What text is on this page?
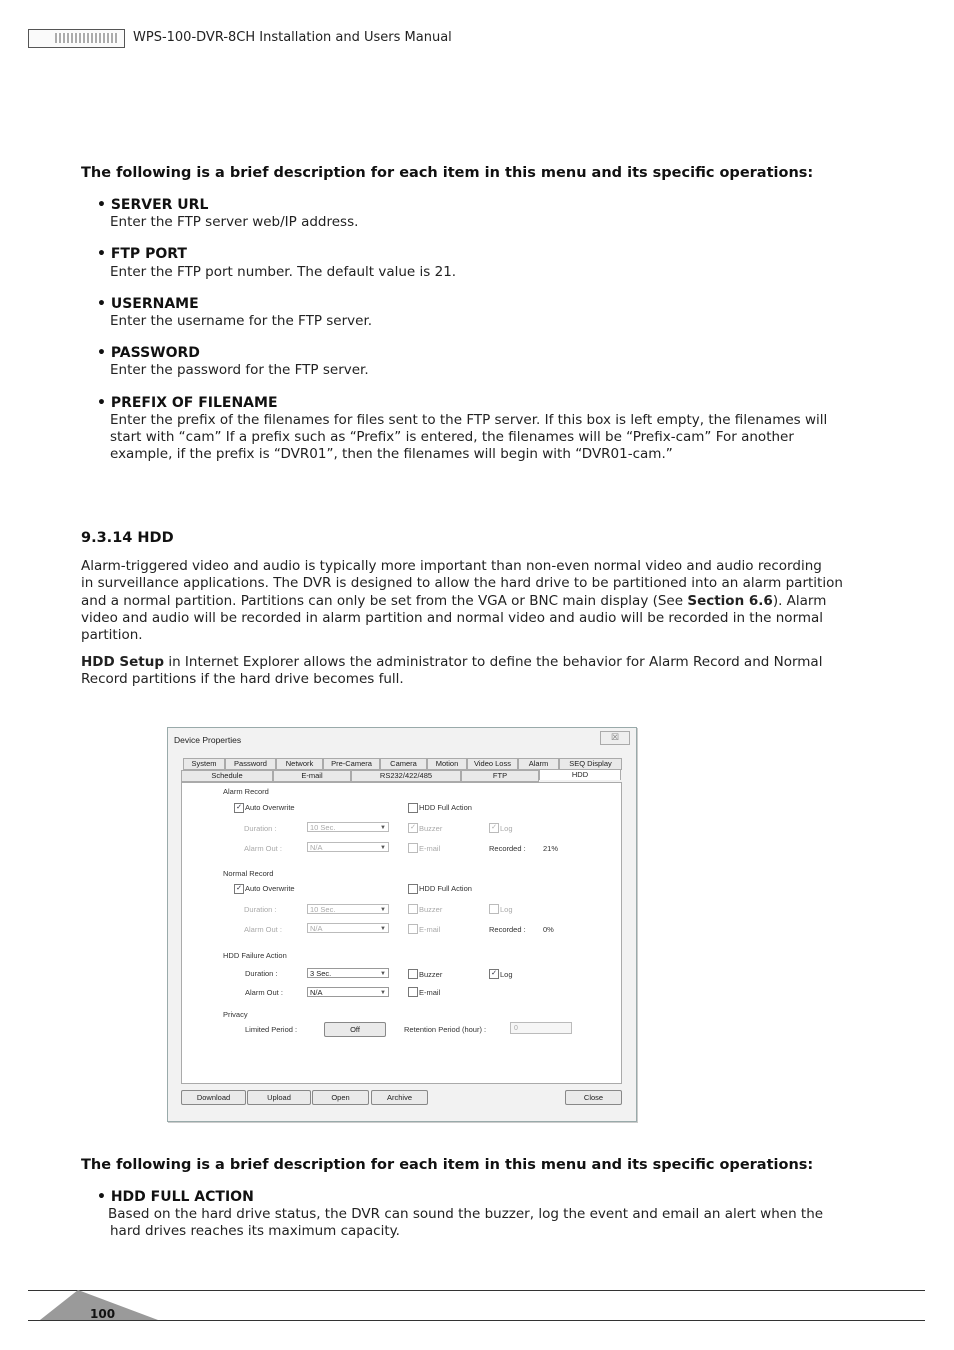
WPS-100-DVR-8CH Installation and Users Manual
The following is a brief description for each item in this menu and its specific operations:
• SERVER URL
Enter the FTP server web/IP address.
• FTP PORT
Enter the FTP port number. The default value is 21.
• USERNAME
Enter the username for the FTP server.
• PASSWORD
Enter the password for the FTP server.
• PREFIX OF FILENAME
Enter the prefix of the filenames for files sent to the FTP server. If this box is left empty, the filenames will
start with “cam” If a prefix such as “Prefix” is entered, the filenames will be “Prefix-cam” For another
example, if the prefix is “DVR01”, then the filenames will begin with “DVR01-cam.”
9.3.14 HDD
Alarm-triggered video and audio is typically more important than non-even normal video and audio recording
in surveillance applications. The DVR is designed to allow the hard drive to be partitioned into an alarm partition
and a normal partition. Partitions can only be set from the VGA or BNC main display (See Section 6.6). Alarm
video and audio will be recorded in alarm partition and normal video and audio will be recorded in the normal
partition.
HDD Setup in Internet Explorer allows the administrator to define the behavior for Alarm Record and Normal
Record partitions if the hard drive becomes full.
Device Properties	☒
System	Password	Network	Pre-Camera	Camera	Motion	Video Loss	Alarm	SEQ Display
Schedule	E-mail	RS232/422/485	FTP	HDD
Alarm Record
✓ Auto Overwrite	HDD Full Action
Duration :	10 Sec.	▼	✓ Buzzer	✓ Log
Alarm Out :	N/A	▼	E-mail	Recorded : 21%
Normal Record
✓ Auto Overwrite	HDD Full Action
Duration :	10 Sec.	▼	Buzzer	Log
Alarm Out :	N/A	▼	E-mail	Recorded : 0%
HDD Failure Action
Duration :	3 Sec.	▼	Buzzer	✓ Log
Alarm Out :	N/A	▼	E-mail
Privacy
Limited Period :	Off	Retention Period (hour) :	0
Download	Upload	Open	Archive	Close
The following is a brief description for each item in this menu and its specific operations:
• HDD FULL ACTION
Based on the hard drive status, the DVR can sound the buzzer, log the event and email an alert when the
hard drives reaches its maximum capacity.
100
